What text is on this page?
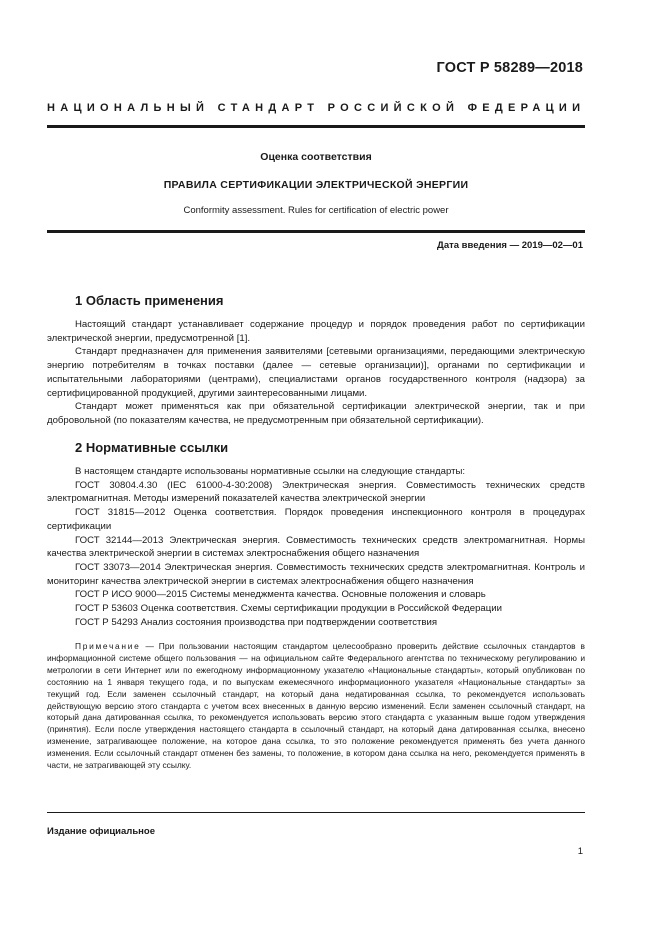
ГОСТ Р 58289—2018
НАЦИОНАЛЬНЫЙ СТАНДАРТ РОССИЙСКОЙ ФЕДЕРАЦИИ
Оценка соответствия
ПРАВИЛА СЕРТИФИКАЦИИ ЭЛЕКТРИЧЕСКОЙ ЭНЕРГИИ
Conformity assessment. Rules for certification of electric power
Дата введения — 2019—02—01
1 Область применения

Настоящий стандарт устанавливает содержание процедур и порядок проведения работ по сертификации электрической энергии, предусмотренной [1].

Стандарт предназначен для применения заявителями [сетевыми организациями, передающими электрическую энергию потребителям в точках поставки (далее — сетевые организации)], органами по сертификации и испытательными лабораториями (центрами), специалистами органов государственного контроля (надзора) за сертифицированной продукцией, другими заинтересованными лицами.

Стандарт может применяться как при обязательной сертификации электрической энергии, так и при добровольной (по показателям качества, не предусмотренным при обязательной сертификации).

2 Нормативные ссылки

В настоящем стандарте использованы нормативные ссылки на следующие стандарты:

ГОСТ 30804.4.30 (IEC 61000-4-30:2008) Электрическая энергия. Совместимость технических средств электромагнитная. Методы измерений показателей качества электрической энергии

ГОСТ 31815—2012 Оценка соответствия. Порядок проведения инспекционного контроля в процедурах сертификации

ГОСТ 32144—2013 Электрическая энергия. Совместимость технических средств электромагнитная. Нормы качества электрической энергии в системах электроснабжения общего назначения

ГОСТ 33073—2014 Электрическая энергия. Совместимость технических средств электромагнитная. Контроль и мониторинг качества электрической энергии в системах электроснабжения общего назначения

ГОСТ Р ИСО 9000—2015 Системы менеджмента качества. Основные положения и словарь

ГОСТ Р 53603 Оценка соответствия. Схемы сертификации продукции в Российской Федерации

ГОСТ Р 54293 Анализ состояния производства при подтверждении соответствия

Примечание — При пользовании настоящим стандартом целесообразно проверить действие ссылочных стандартов в информационной системе общего пользования — на официальном сайте Федерального агентства по техническому регулированию и метрологии в сети Интернет или по ежегодному информационному указателю «Национальные стандарты», который опубликован по состоянию на 1 января текущего года, и по выпускам ежемесячного информационного указателя «Национальные стандарты» за текущий год. Если заменен ссылочный стандарт, на который дана недатированная ссылка, то рекомендуется использовать действующую версию этого стандарта с учетом всех внесенных в данную версию изменений. Если заменен ссылочный стандарт, на который дана датированная ссылка, то рекомендуется использовать версию этого стандарта с указанным выше годом утверждения (принятия). Если после утверждения настоящего стандарта в ссылочный стандарт, на который дана датированная ссылка, внесено изменение, затрагивающее положение, на которое дана ссылка, то это положение рекомендуется применять без учета данного изменения. Если ссылочный стандарт отменен без замены, то положение, в котором дана ссылка на него, рекомендуется применять в части, не затрагивающей эту ссылку.
Издание официальное
1
